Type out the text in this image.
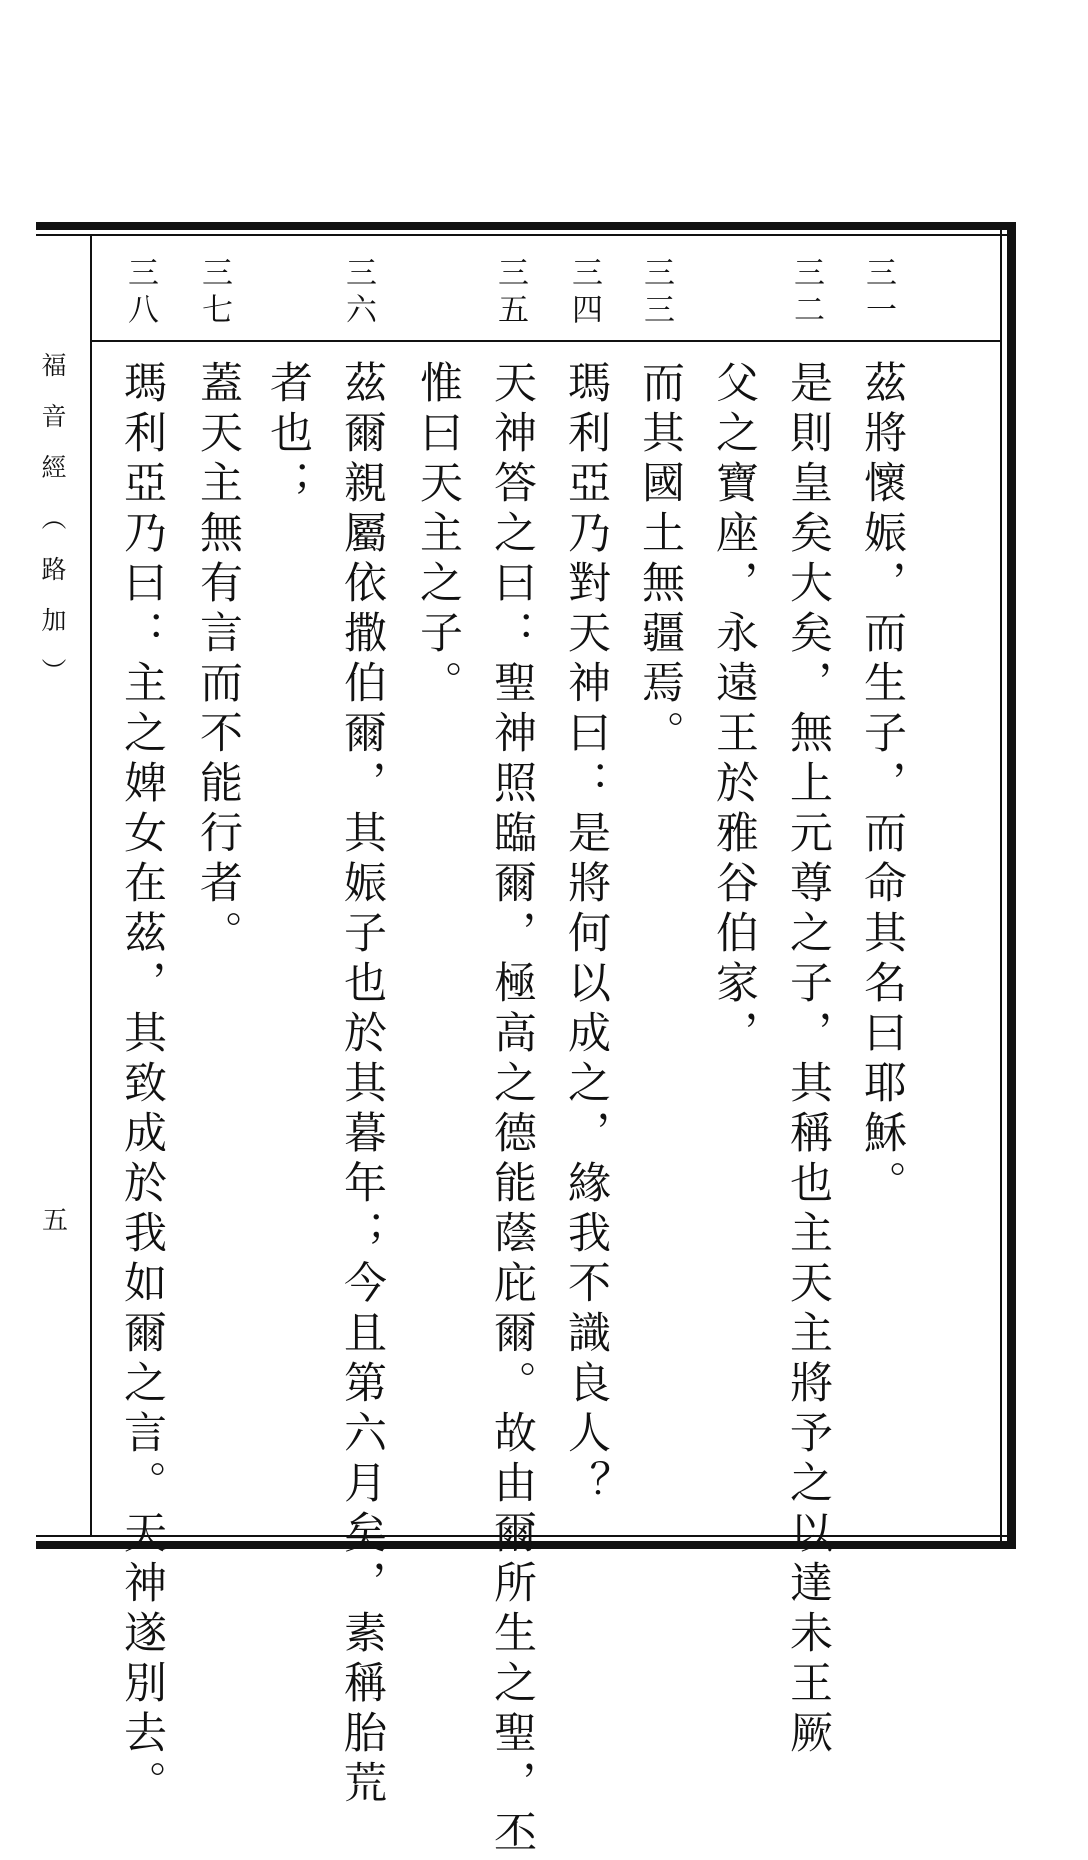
福音經（路加）
五
三一
三二
三三
三四
三五
三六
三七
三八
茲將懷娠，而生子，而命其名曰耶穌。
是則皇矣大矣，無上元尊之子，其稱也主天主將予之以達未王厥
父之寶座，永遠王於雅谷伯家，
而其國土無疆焉。
瑪利亞乃對天神曰：是將何以成之，緣我不識良人？
天神答之曰：聖神照臨爾，極高之德能蔭庇爾。故由爾所生之聖，丕
惟曰天主之子。
茲爾親屬依撒伯爾，其娠子也於其暮年；今且第六月矣，素稱胎荒
者也；
蓋天主無有言而不能行者。
瑪利亞乃曰：主之婢女在茲，其致成於我如爾之言。天神遂別去。
